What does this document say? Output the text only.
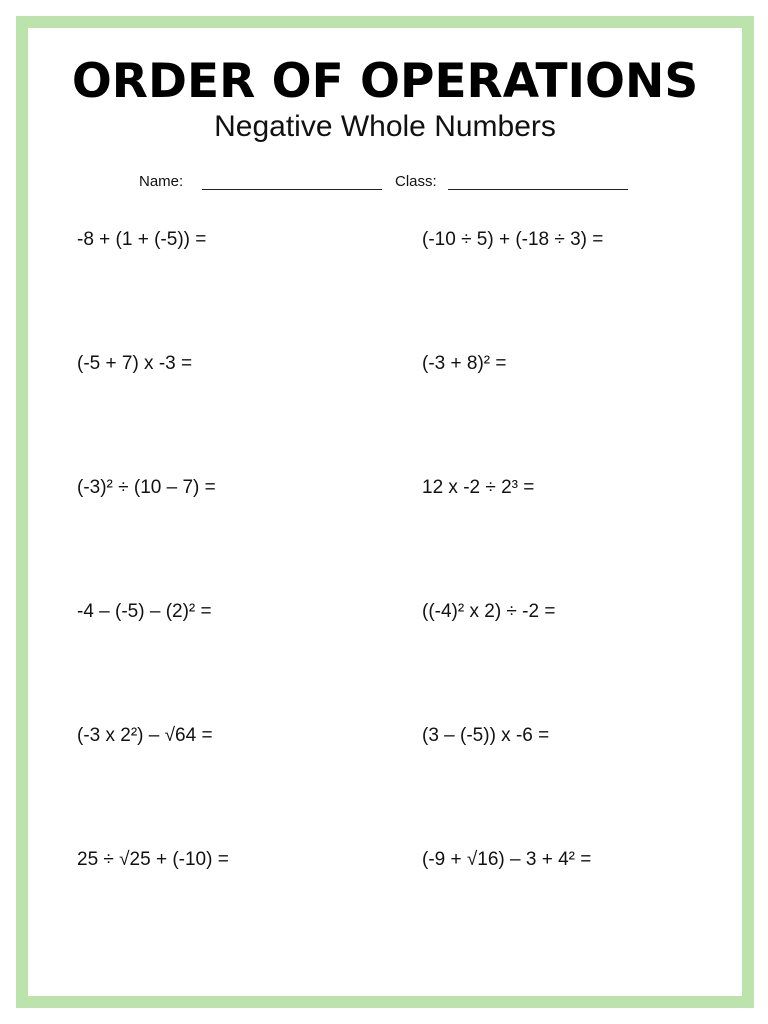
ORDER OF OPERATIONS
Negative Whole Numbers
Name:	Class:
-8 + (1 + (-5)) =
(-5 + 7) x -3 =
(-3)² ÷ (10 – 7) =
-4 – (-5) – (2)² =
(-3 x 2²) – √64 =
25 ÷ √25 + (-10) =
(-10 ÷ 5) + (-18 ÷ 3) =
(-3 + 8)² =
12 x -2 ÷ 2³ =
((-4)² x 2) ÷ -2 =
(3 – (-5)) x -6 =
(-9 + √16) – 3 + 4² =
